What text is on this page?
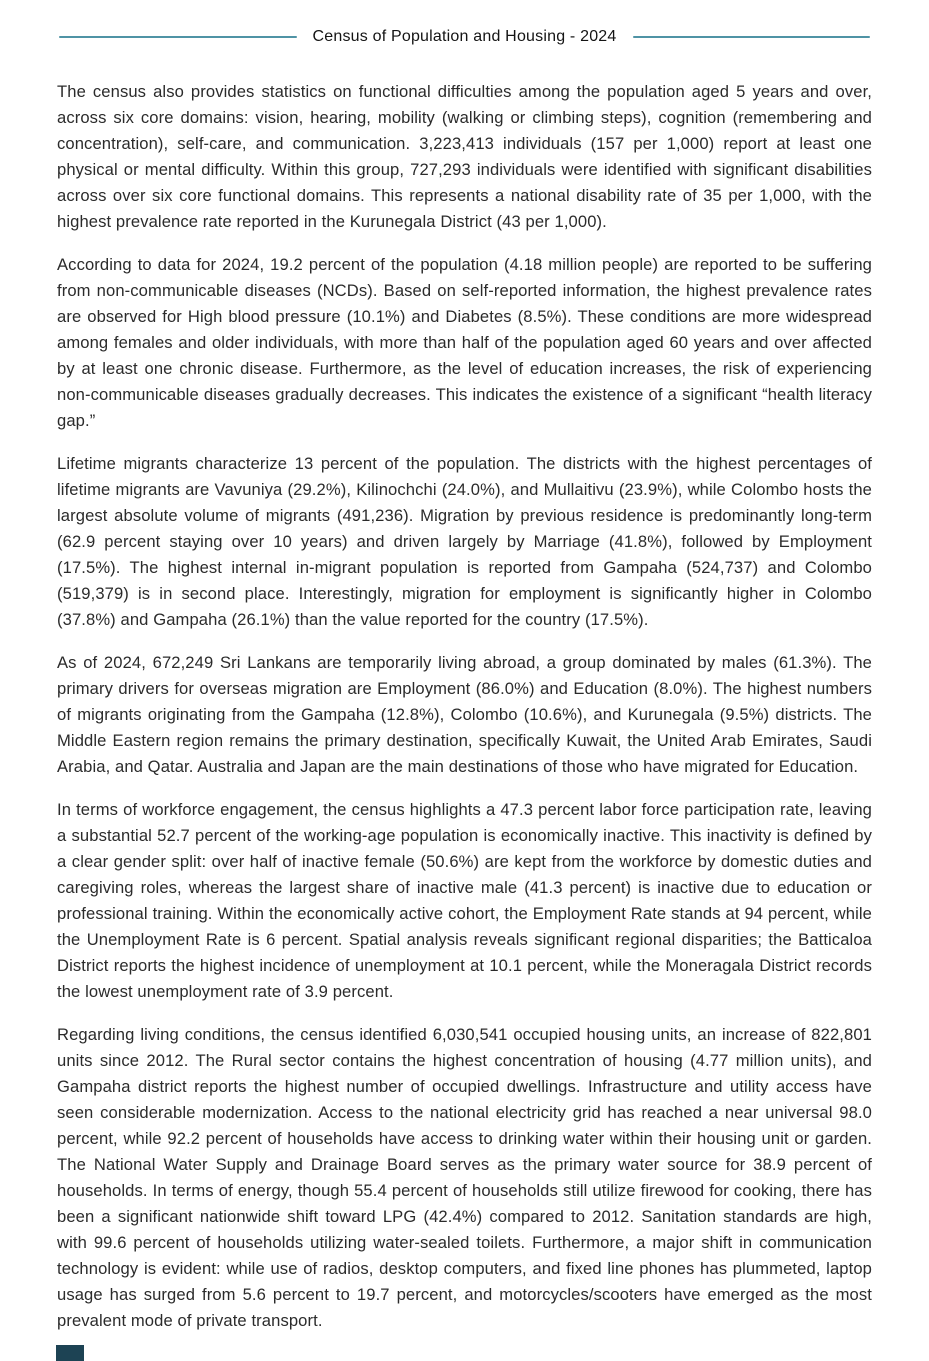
Census of Population and Housing - 2024

The census also provides statistics on functional difficulties among the population aged 5 years and over, across six core domains: vision, hearing, mobility (walking or climbing steps), cognition (remembering and concentration), self-care, and communication. 3,223,413 individuals (157 per 1,000) report at least one physical or mental difficulty. Within this group, 727,293 individuals were identified with significant disabilities across over six core functional domains. This represents a national disability rate of 35 per 1,000, with the highest prevalence rate reported in the Kurunegala District (43 per 1,000).

According to data for 2024, 19.2 percent of the population (4.18 million people) are reported to be suffering from non-communicable diseases (NCDs). Based on self-reported information, the highest prevalence rates are observed for High blood pressure (10.1%) and Diabetes (8.5%). These conditions are more widespread among females and older individuals, with more than half of the population aged 60 years and over affected by at least one chronic disease. Furthermore, as the level of education increases, the risk of experiencing non-communicable diseases gradually decreases. This indicates the existence of a significant “health literacy gap.”

Lifetime migrants characterize 13 percent of the population. The districts with the highest percentages of lifetime migrants are Vavuniya (29.2%), Kilinochchi (24.0%), and Mullaitivu (23.9%), while Colombo hosts the largest absolute volume of migrants (491,236). Migration by previous residence is predominantly long-term (62.9 percent staying over 10 years) and driven largely by Marriage (41.8%), followed by Employment (17.5%). The highest internal in-migrant population is reported from Gampaha (524,737) and Colombo (519,379) is in second place. Interestingly, migration for employment is significantly higher in Colombo (37.8%) and Gampaha (26.1%) than the value reported for the country (17.5%).

As of 2024, 672,249 Sri Lankans are temporarily living abroad, a group dominated by males (61.3%). The primary drivers for overseas migration are Employment (86.0%) and Education (8.0%). The highest numbers of migrants originating from the Gampaha (12.8%), Colombo (10.6%), and Kurunegala (9.5%) districts. The Middle Eastern region remains the primary destination, specifically Kuwait, the United Arab Emirates, Saudi Arabia, and Qatar. Australia and Japan are the main destinations of those who have migrated for Education.

In terms of workforce engagement, the census highlights a 47.3 percent labor force participation rate, leaving a substantial 52.7 percent of the working-age population is economically inactive. This inactivity is defined by a clear gender split: over half of inactive female (50.6%) are kept from the workforce by domestic duties and caregiving roles, whereas the largest share of inactive male (41.3 percent) is inactive due to education or professional training. Within the economically active cohort, the Employment Rate stands at 94 percent, while the Unemployment Rate is 6 percent. Spatial analysis reveals significant regional disparities; the Batticaloa District reports the highest incidence of unemployment at 10.1 percent, while the Moneragala District records the lowest unemployment rate of 3.9 percent.

Regarding living conditions, the census identified 6,030,541 occupied housing units, an increase of 822,801 units since 2012. The Rural sector contains the highest concentration of housing (4.77 million units), and Gampaha district reports the highest number of occupied dwellings. Infrastructure and utility access have seen considerable modernization. Access to the national electricity grid has reached a near universal 98.0 percent, while 92.2 percent of households have access to drinking water within their housing unit or garden. The National Water Supply and Drainage Board serves as the primary water source for 38.9 percent of households. In terms of energy, though 55.4 percent of households still utilize firewood for cooking, there has been a significant nationwide shift toward LPG (42.4%) compared to 2012. Sanitation standards are high, with 99.6 percent of households utilizing water-sealed toilets. Furthermore, a major shift in communication technology is evident: while use of radios, desktop computers, and fixed line phones has plummeted, laptop usage has surged from 5.6 percent to 19.7 percent, and motorcycles/scooters have emerged as the most prevalent mode of private transport.
